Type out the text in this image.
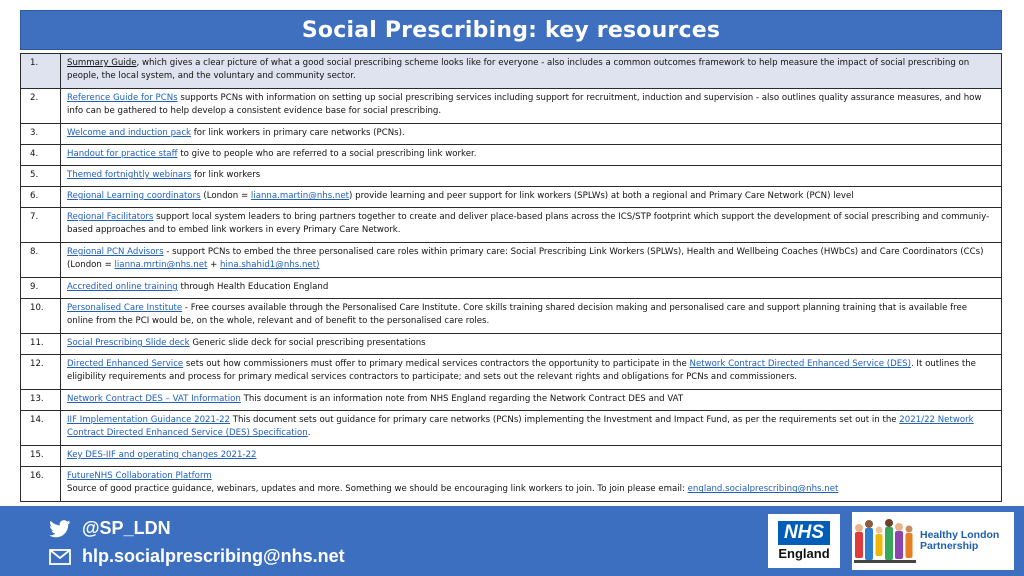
Social Prescribing: key resources
1.	Summary Guide, which gives a clear picture of what a good social prescribing scheme looks like for everyone - also includes a common outcomes framework to help measure the impact of social prescribing on people, the local system, and the voluntary and community sector.
2.	Reference Guide for PCNs supports PCNs with information on setting up social prescribing services including support for recruitment, induction and supervision - also outlines quality assurance measures, and how info can be gathered to help develop a consistent evidence base for social prescribing.
3.	Welcome and induction pack for link workers in primary care networks (PCNs).
4.	Handout for practice staff to give to people who are referred to a social prescribing link worker.
5.	Themed fortnightly webinars for link workers
6.	Regional Learning coordinators (London = lianna.martin@nhs.net) provide learning and peer support for link workers (SPLWs) at both a regional and Primary Care Network (PCN) level
7.	Regional Facilitators support local system leaders to bring partners together to create and deliver place-based plans across the ICS/STP footprint which support the development of social prescribing and communiy-based approaches and to embed link workers in every Primary Care Network.
8.	Regional PCN Advisors - support PCNs to embed the three personalised care roles within primary care: Social Prescribing Link Workers (SPLWs), Health and Wellbeing Coaches (HWbCs) and Care Coordinators (CCs) (London = lianna.mrtin@nhs.net + hina.shahid1@nhs.net)
9.	Accredited online training through Health Education England
10.	Personalised Care Institute - Free courses available through the Personalised Care Institute. Core skills training shared decision making and personalised care and support planning training that is available free online from the PCI would be, on the whole, relevant and of benefit to the personalised care roles.
11.	Social Prescribing Slide deck Generic slide deck for social prescribing presentations
12.	Directed Enhanced Service sets out how commissioners must offer to primary medical services contractors the opportunity to participate in the Network Contract Directed Enhanced Service (DES). It outlines the eligibility requirements and process for primary medical services contractors to participate; and sets out the relevant rights and obligations for PCNs and commissioners.
13.	Network Contract DES – VAT Information This document is an information note from NHS England regarding the Network Contract DES and VAT
14.	IIF Implementation Guidance 2021-22 This document sets out guidance for primary care networks (PCNs) implementing the Investment and Impact Fund, as per the requirements set out in the 2021/22 Network Contract Directed Enhanced Service (DES) Specification.
15.	Key DES-IIF and operating changes 2021-22
16.	FutureNHS Collaboration Platform
Source of good practice guidance, webinars, updates and more. Something we should be encouraging link workers to join. To join please email: england.socialprescribing@nhs.net
@SP_LDN
hlp.socialprescribing@nhs.net
NHS
England
Healthy London Partnership
